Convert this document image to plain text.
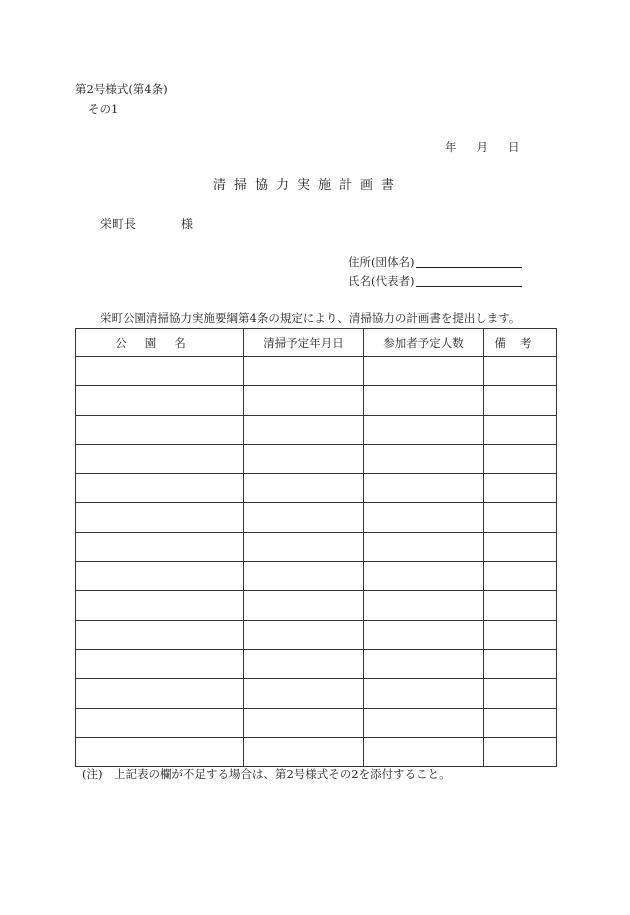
第2号様式(第4条)
その1
年 月 日
清掃協力実施計画書
栄町長	様
住所(団体名)
氏名(代表者)
栄町公園清掃協力実施要綱第4条の規定により、清掃協力の計画書を提出します。
公園名	清掃予定年月日	参加者予定人数	備考

(注)　上記表の欄が不足する場合は、第2号様式その2を添付すること。
